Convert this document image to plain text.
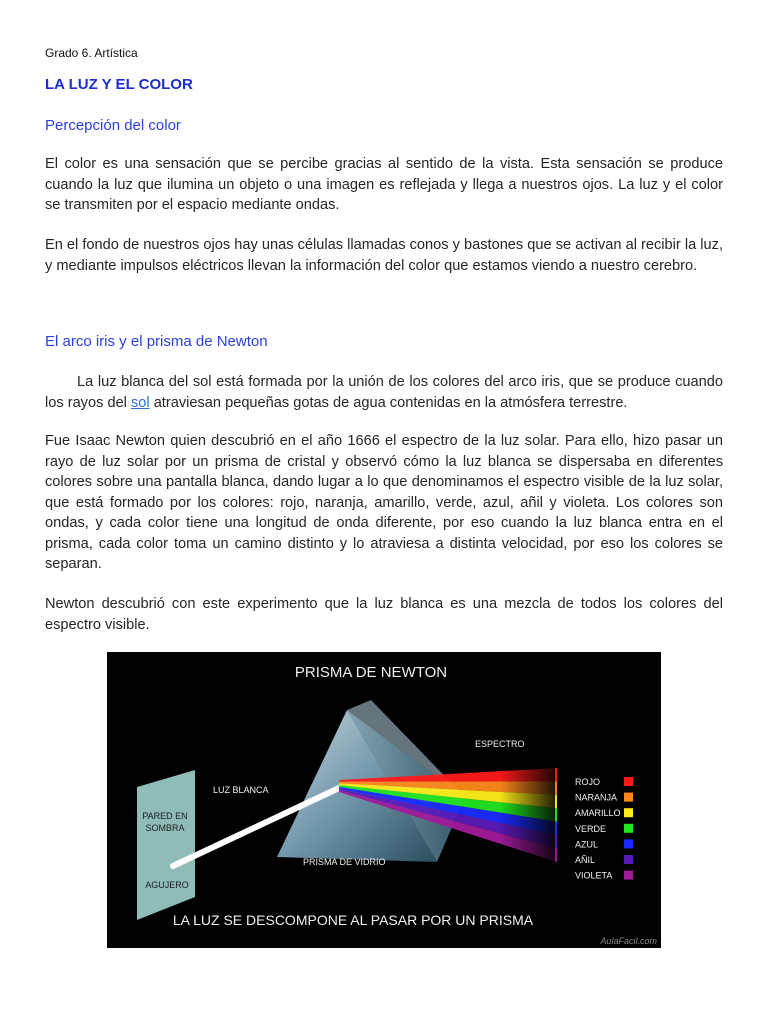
Grado 6. Artística
LA LUZ Y EL COLOR
Percepción del color
El color es una sensación que se percibe gracias al sentido de la vista. Esta sensación se produce cuando la luz que ilumina un objeto o una imagen es reflejada y llega a nuestros ojos. La luz y el color se transmiten por el espacio mediante ondas.
En el fondo de nuestros ojos hay unas células llamadas conos y bastones que se activan al recibir la luz, y mediante impulsos eléctricos llevan la información del color que estamos viendo a nuestro cerebro.
El arco iris y el prisma de Newton
La luz blanca del sol está formada por la unión de los colores del arco iris, que se produce cuando los rayos del sol atraviesan pequeñas gotas de agua contenidas en la atmósfera terrestre.
Fue Isaac Newton quien descubrió en el año 1666 el espectro de la luz solar. Para ello, hizo pasar un rayo de luz solar por un prisma de cristal y observó cómo la luz blanca se dispersaba en diferentes colores sobre una pantalla blanca, dando lugar a lo que denominamos el espectro visible de la luz solar, que está formado por los colores: rojo, naranja, amarillo, verde, azul, añil y violeta. Los colores son ondas, y cada color tiene una longitud de onda diferente, por eso cuando la luz blanca entra en el prisma, cada color toma un camino distinto y lo atraviesa a distinta velocidad, por eso los colores se separan.
Newton descubrió con este experimento que la luz blanca es una mezcla de todos los colores del espectro visible.
PRISMA DE NEWTON
PARED EN
SOMBRA
AGUJERO
LUZ BLANCA
ESPECTRO
PRISMA DE VIDRIO
ROJO
NARANJA
AMARILLO
VERDE
AZUL
AÑIL
VIOLETA
LA LUZ SE DESCOMPONE AL PASAR POR UN PRISMA
AulaFacil.com
